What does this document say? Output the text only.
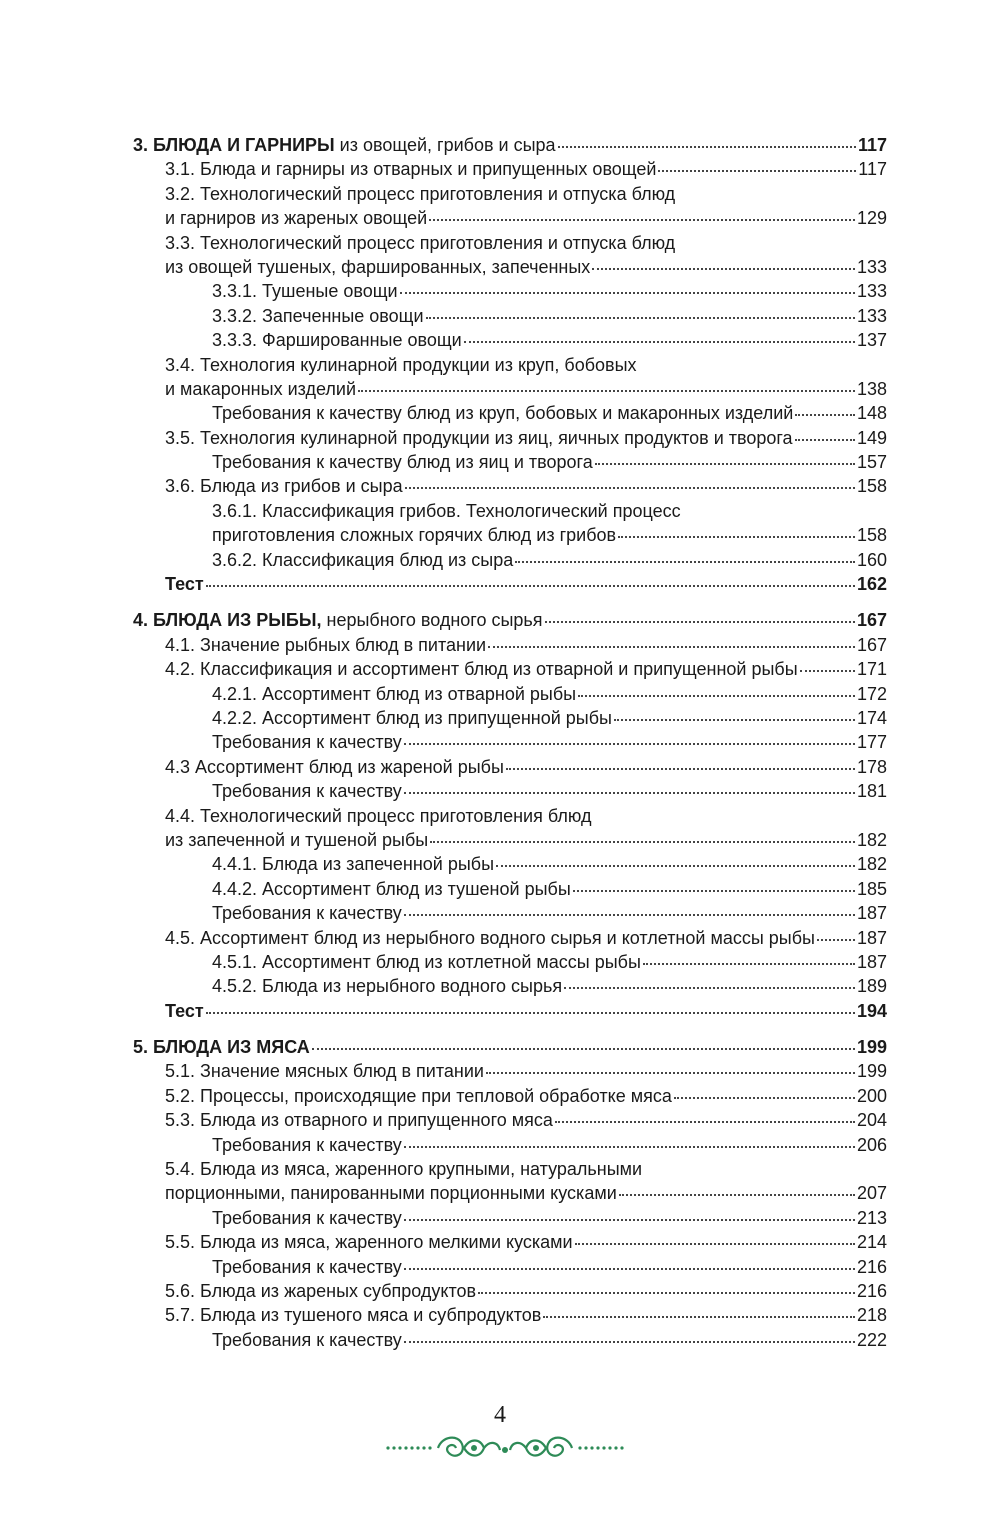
3. БЛЮДА И ГАРНИРЫ из овощей, грибов и сыра	117
3.1. Блюда и гарниры из отварных и припущенных овощей	117
3.2. Технологический процесс приготовления и отпуска блюд
и гарниров из жареных овощей	129
3.3. Технологический процесс приготовления и отпуска блюд
из овощей тушеных, фаршированных, запеченных	133
3.3.1. Тушеные овощи	133
3.3.2. Запеченные овощи	133
3.3.3. Фаршированные овощи	137
3.4. Технология кулинарной продукции из круп, бобовых
и макаронных изделий	138
Требования к качеству блюд из круп, бобовых и макаронных изделий	148
3.5. Технология кулинарной продукции из яиц, яичных продуктов и творога	149
Требования к качеству блюд из яиц и творога	157
3.6. Блюда из грибов и сыра	158
3.6.1. Классификация грибов. Технологический процесс
приготовления сложных горячих блюд из грибов	158
3.6.2. Классификация блюд из сыра	160
Тест	162
4. БЛЮДА ИЗ РЫБЫ, нерыбного водного сырья	167
4.1. Значение рыбных блюд в питании	167
4.2. Классификация и ассортимент блюд из отварной и припущенной рыбы	171
4.2.1. Ассортимент блюд из отварной рыбы	172
4.2.2. Ассортимент блюд из припущенной рыбы	174
Требования к качеству	177
4.3 Ассортимент блюд из жареной рыбы	178
Требования к качеству	181
4.4. Технологический процесс приготовления блюд
из запеченной и тушеной рыбы	182
4.4.1. Блюда из запеченной рыбы	182
4.4.2. Ассортимент блюд из тушеной рыбы	185
Требования к качеству	187
4.5. Ассортимент блюд из нерыбного водного сырья и котлетной массы рыбы 187
4.5.1. Ассортимент блюд из котлетной массы рыбы	187
4.5.2. Блюда из нерыбного водного сырья	189
Тест	194
5. БЛЮДА ИЗ МЯСА	199
5.1. Значение мясных блюд в питании	199
5.2. Процессы, происходящие при тепловой обработке мяса	200
5.3. Блюда из отварного и припущенного мяса	204
Требования к качеству	206
5.4. Блюда из мяса, жаренного крупными, натуральными
порционными, панированными порционными кусками	207
Требования к качеству	213
5.5. Блюда из мяса, жаренного мелкими кусками	214
Требования к качеству	216
5.6. Блюда из жареных субпродуктов	216
5.7. Блюда из тушеного мяса и субпродуктов	218
Требования к качеству	222
4
